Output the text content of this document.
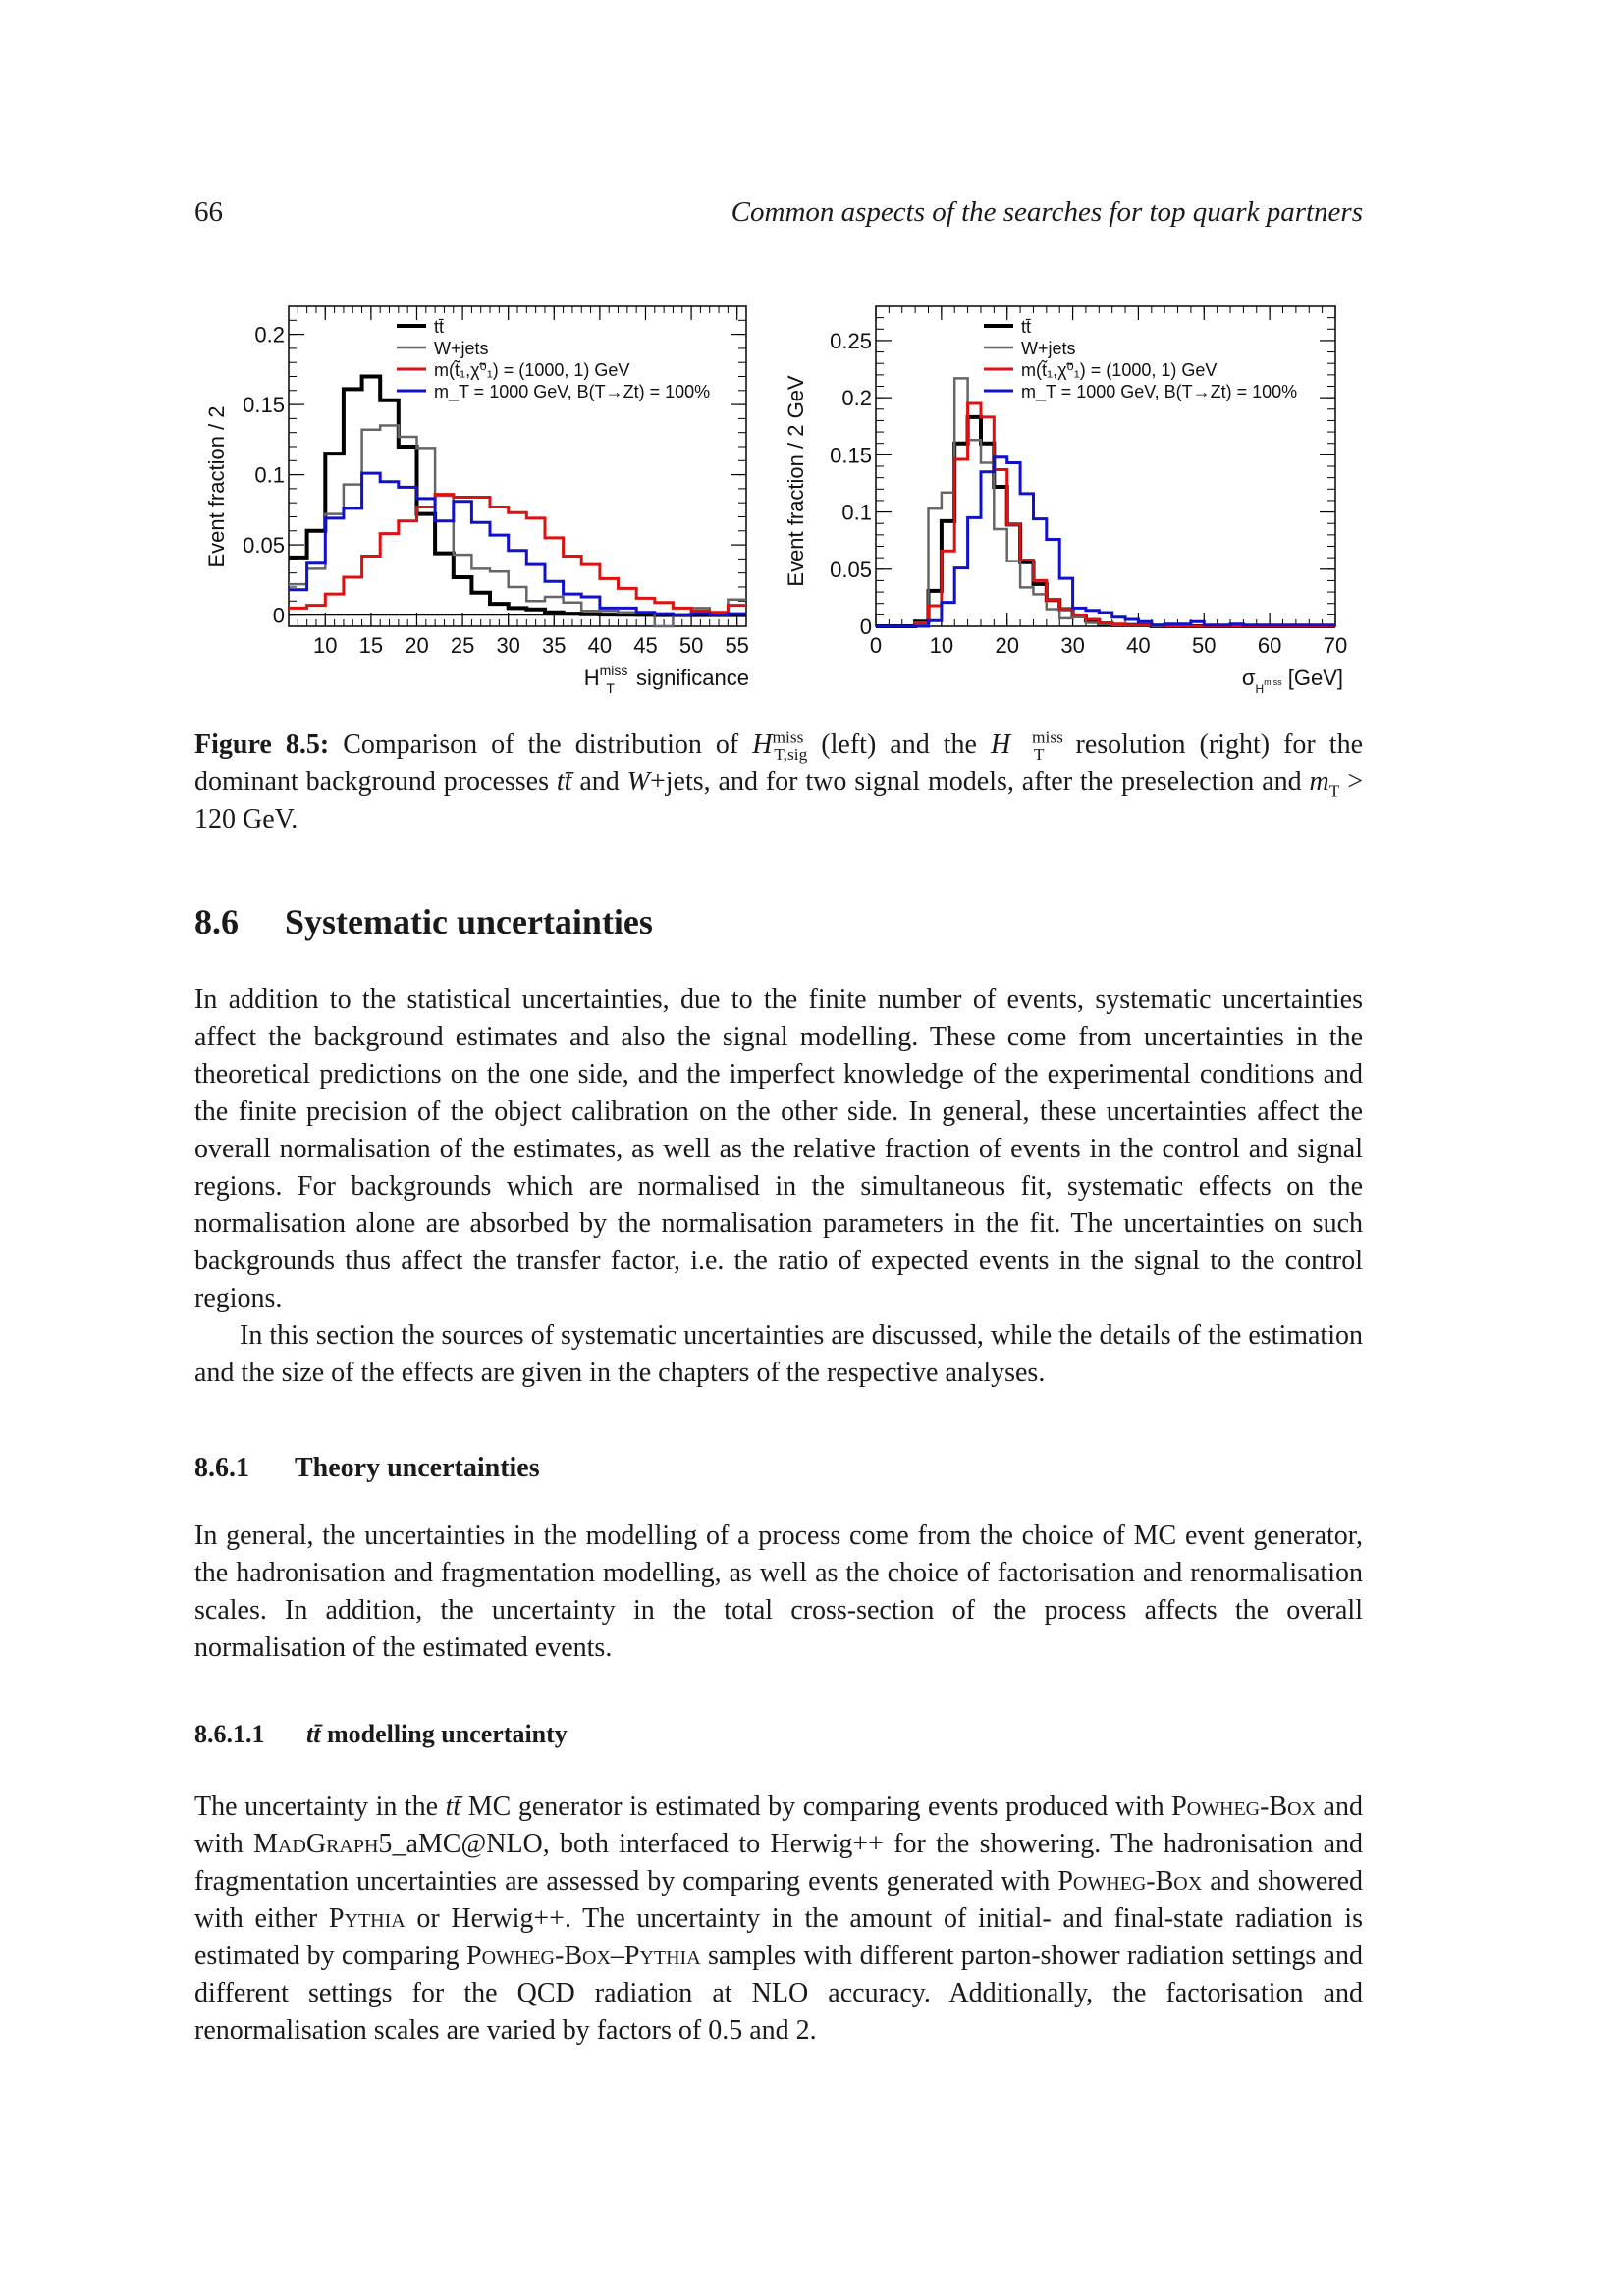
66	Common aspects of the searches for top quark partners
10 15 20 25 30 35 40 45 50 55
0
0.05
0.1
0.15
0.2	tt̄
W+jets
m(t̃₁,χ̃⁰₁) = (1000, 1) GeV
m_T = 1000 GeV, B(T→Zt) = 100%
Event fraction / 2
$H^{miss}$ T significance
0 10 20 30 40 50 60 70
0
0.05
0.1
0.15
0.2
0.25
tt̄
W+jets
m(t̃₁,χ̃⁰₁) = (1000, 1) GeV
m_T = 1000 GeV, B(T→Zt) = 100%
Event fraction / 2 GeV
$\sigma_H^{miss}$ [GeV]
Figure 8.5: Comparison of the distribution of $H^{miss}_{T,sig}$ (left) and the H⃗$^{miss}_T$ resolution (right) for the dominant background processes tt̄ and W+jets, and for two signal models, after the preselection and $m_T > 120$ GeV.
8.6 Systematic uncertainties

In addition to the statistical uncertainties, due to the finite number of events, systematic uncertainties affect the background estimates and also the signal modelling. These come from uncertainties in the theoretical predictions on the one side, and the imperfect knowledge of the experimental conditions and the finite precision of the object calibration on the other side. In general, these uncertainties affect the overall normalisation of the estimates, as well as the relative fraction of events in the control and signal regions. For backgrounds which are normalised in the simultaneous fit, systematic effects on the normalisation alone are absorbed by the normalisation parameters in the fit. The uncertainties on such backgrounds thus affect the transfer factor, i.e. the ratio of expected events in the signal to the control regions.

In this section the sources of systematic uncertainties are discussed, while the details of the estimation and the size of the effects are given in the chapters of the respective analyses.

8.6.1 Theory uncertainties

In general, the uncertainties in the modelling of a process come from the choice of MC event generator, the hadronisation and fragmentation modelling, as well as the choice of factorisation and renormalisation scales. In addition, the uncertainty in the total cross-section of the process affects the overall normalisation of the estimated events.

8.6.1.1 tt̄ modelling uncertainty

The uncertainty in the tt̄ MC generator is estimated by comparing events produced with Powheg-Box and with MadGraph5_aMC@NLO, both interfaced to Herwig++ for the showering. The hadronisation and fragmentation uncertainties are assessed by comparing events generated with Powheg-Box and showered with either Pythia or Herwig++. The uncertainty in the amount of initial- and final-state radiation is estimated by comparing Powheg-Box–Pythia samples with different parton-shower radiation settings and different settings for the QCD radiation at NLO accuracy. Additionally, the factorisation and renormalisation scales are varied by factors of 0.5 and 2.
